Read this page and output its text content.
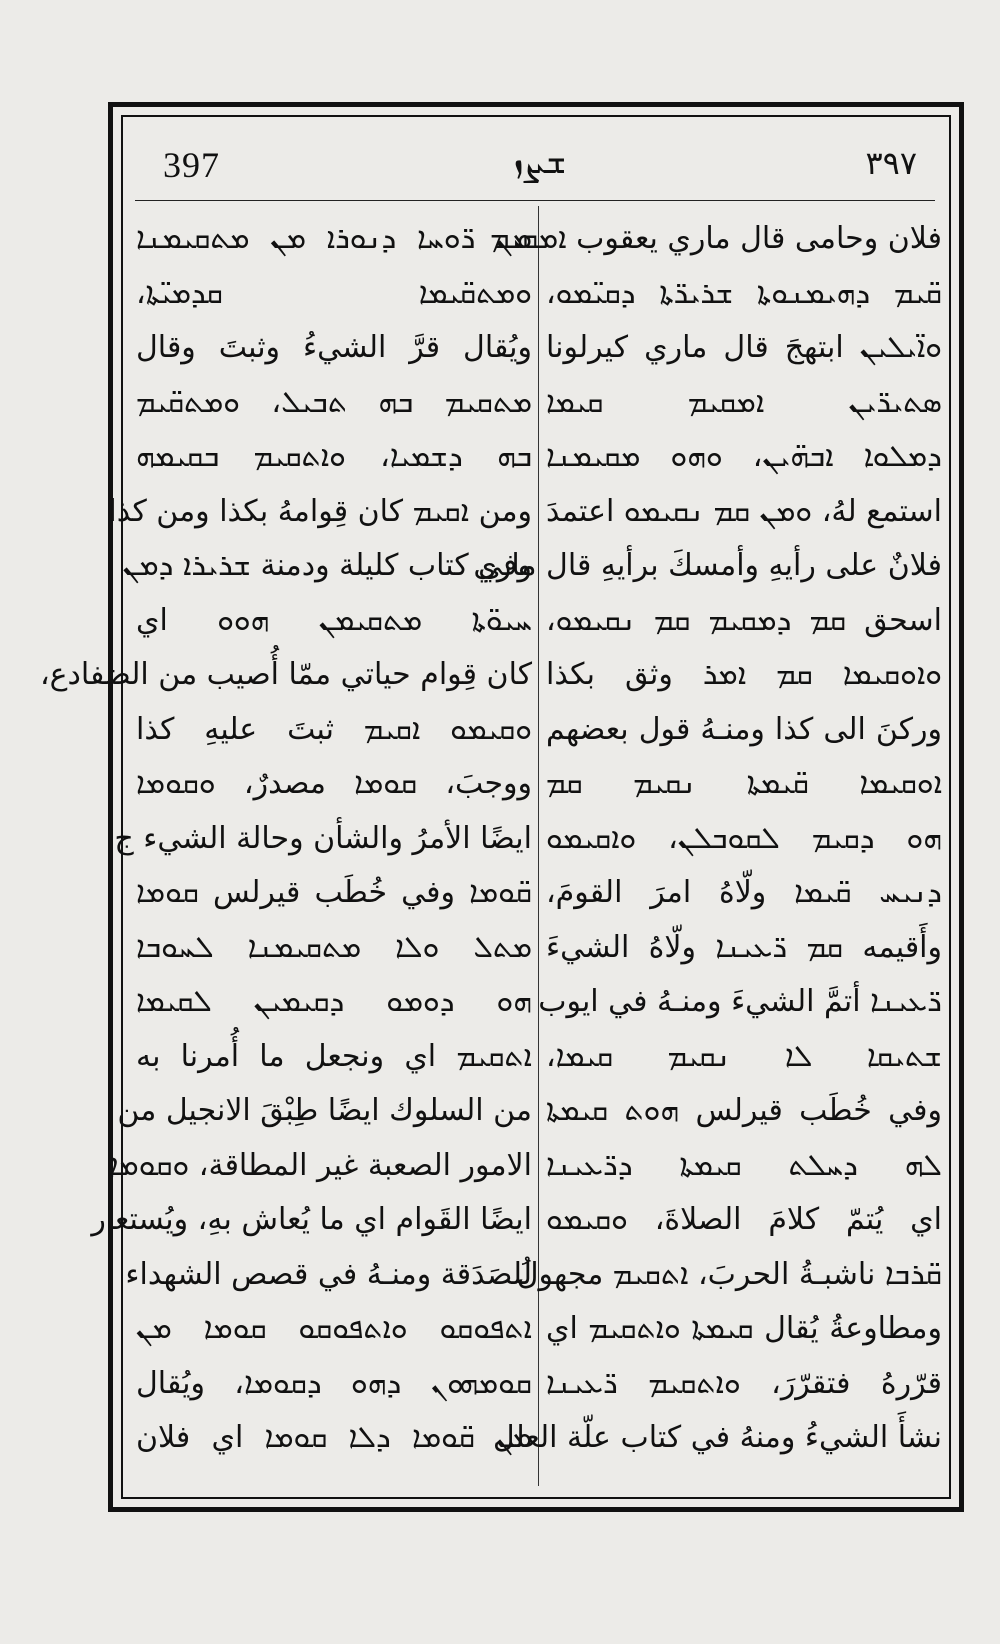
397	ܫܨܙ	٣٩٧
فلان وحامى قال ماري يعقوب ܐܡܩܝܡ
ܩ̈ܝܡ ܕܗܝܡܢܘܬܐ ܫܪܝܪ̈ܬܐ ܕܩܝ̈ܡܘ،
ܘܐ̈ܝܠܝܢ ابتهجَ قال ماري كيرلونا
ܣܬܝܪ̈ܝܢ ܐܡܩܝܡ ܩܝܡܐ
ܕܡܠܘܐ ܐܒܗ̈ܝܢ، ܘܗܘ ܡܩܝܡܢܐ
استمع لهُ، ܘܡܢ ܩܡ ܢܩܝܡܘ اعتمدَ
فلانٌ على رأيهِ وأمسكَ برأيهِ قال ماري
اسحق ܩܡ ܕܡܩܝܡ ܩܡ ܢܩܝܡܘ،
ܘܐܘܩܝܡܐ ܩܡ ܐܡܪ وثق بكذا
وركنَ الى كذا ومنـهُ قول بعضهم
ܐܘܩܝܡܐ ܩ̈ܝܡܬܐ ܢܩܝܡ ܩܡ
ܗܘ ܕܩܝܡ ܠܩܘܒܠܢ، ܘܐܩܝܡܘ
ܕܢܝܚ ܩ̈ܝܡܐ ولّاهُ امرَ القومَ،
وأَقيمه ܩܡ ܪ̈ܥܝܢܐ ولّاهُ الشيءَ
ܪ̈ܥܝܢܐ أتمَّ الشيءَ ومنـهُ في ايوب
ܫܬܝܩܐ ܠܐ ܢܩܝܡ ܩܝܡܐ،
وفي خُطَب قيرلس ܗܘܬ ܩܝܡܬܐ
ܠܗ ܕܚܠܬ ܩܝܡܬܐ ܕܪ̈ܥܝܢܐ
اي يُتمّ كلامَ الصلاةَ، ܘܩܝܡܘ
ܩ̈ܪܒܐ ناشبـةُ الحربَ، ܐܬܩܝܡ مجهولُ
ومطاوعةُ يُقال ܩܝܡܬܐ ܘܐܬܩܝܡ اي
قرّرهُ فتقرّرَ، ܘܐܬܩܝܡ ܪ̈ܥܝܢܐ
نشأَ الشيءُ ومنهُ في كتاب علّة العلل
ܡܢ ܪ̈ܘܚܐ ܕܢܘܪܐ ܡܢ ܡܬܩܝܡܢܐ
ܘܡܬܩ̈ܝܡܐ ܩܕܡܝ̈ܬܐ،
ويُقال قرَّ الشيءُ وثبتَ وقال
ܡܬܩܝܡ ܒܗ ܬܒܝܠ، ܘܡܬܩ̈ܝܡ
ܒܗ ܕܫܡܝܐ، ܘܐܬܩܝܡ ܒܩܝܡܗ
ومن ܐܩܝܡ كان قِوامهُ بكذا ومن كذا
وفي كتاب كليلة ودمنة ܫܪܝܪܐ ܕܡܢ
ܚܝܘ̈ܬܐ ܡܬܩܝܡܢ ܗܘܘ اي
كان قِوام حياتي ممّا أُصيب من الضفادع،
ܘܩܝܡܘ ܐܩܝܡ ثبتَ عليهِ كذا
ووجبَ، ܩܘܡܐ مصدرٌ، ܘܩܘܡܐ
ايضًا الأمرُ والشأن وحالة الشيء ج
ܩ̈ܘܡܐ وفي خُطَب قيرلس ܩܘܡܐ
ܡܬܠ ܘܠܐ ܡܬܩܝܡܢܐ ܠܚܘܒܐ
ܗܘ ܕܘܡܘ ܕܩܝܡܝܢ ܠܩܝܡܐ
ܐܬܩܝܡ اي ونجعل ما أُمرنا به
من السلوك ايضًا طِبْقَ الانجيل من
الامور الصعبة غير المطاقة، ܘܩܘܡܐ
ايضًا القَوام اي ما يُعاش بهِ، ويُستعار
للصَدَقة ومنـهُ في قصص الشهداء
ܐܬܦܘܩܘ ܘܐܬܦܘܩܘ ܩܘܡܐ ܡܢ
ܩܘܡܗܘܢ ܕܗܘ ܕܩܘܡܐ، ويُقال
ܡܢ ܩ̈ܘܡܐ ܕܠܐ ܩܘܡܐ اي فلان
